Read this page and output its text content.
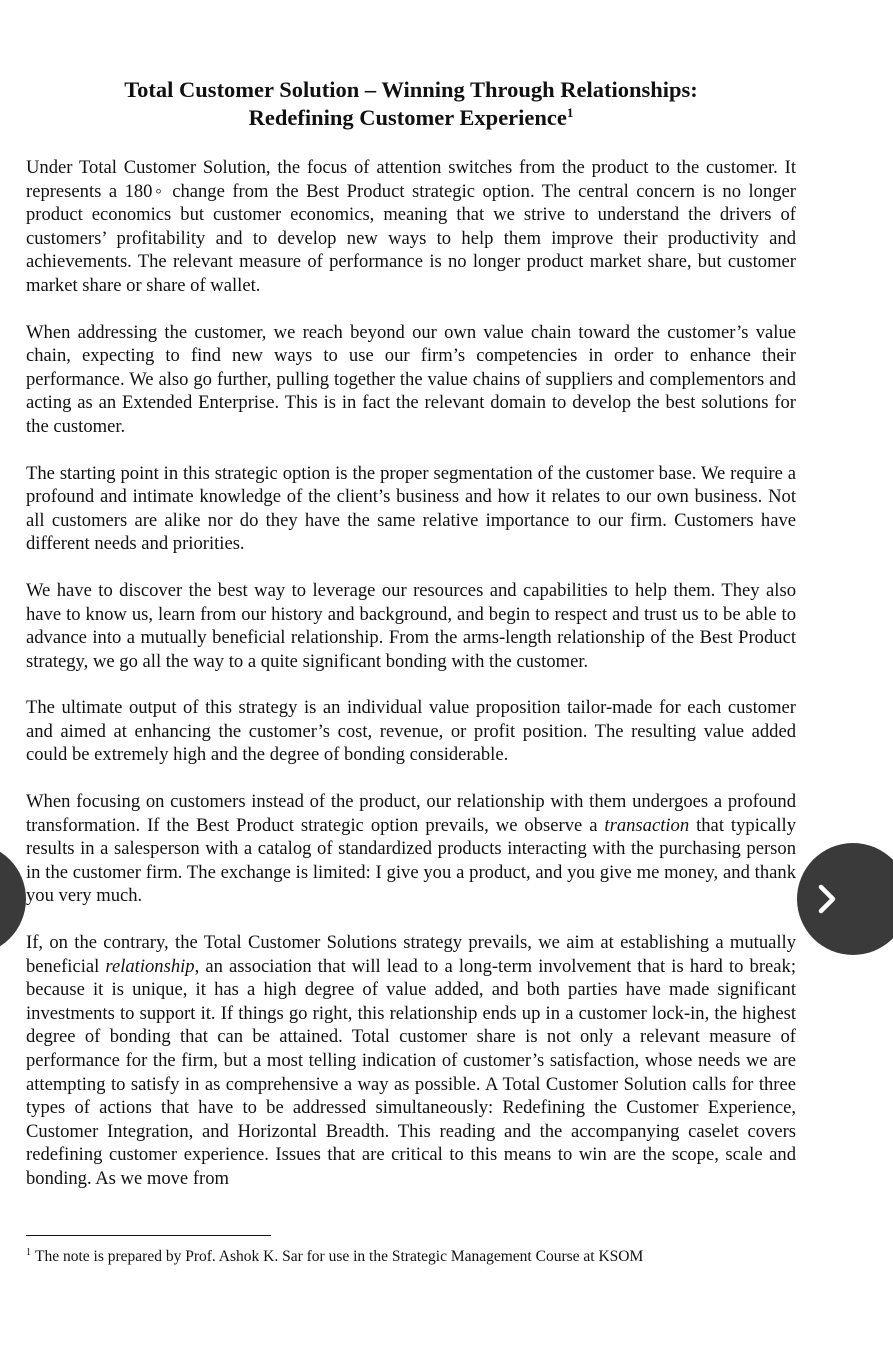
Total Customer Solution – Winning Through Relationships:
Redefining Customer Experience$^1$

Under Total Customer Solution, the focus of attention switches from the product to the customer. It represents a 180◦ change from the Best Product strategic option. The central concern is no longer product economics but customer economics, meaning that we strive to understand the drivers of customers’ profitability and to develop new ways to help them improve their productivity and achievements. The relevant measure of performance is no longer product market share, but customer market share or share of wallet.

When addressing the customer, we reach beyond our own value chain toward the customer’s value chain, expecting to find new ways to use our firm’s competencies in order to enhance their performance. We also go further, pulling together the value chains of suppliers and complementors and acting as an Extended Enterprise. This is in fact the relevant domain to develop the best solutions for the customer.

The starting point in this strategic option is the proper segmentation of the customer base. We require a profound and intimate knowledge of the client’s business and how it relates to our own business. Not all customers are alike nor do they have the same relative importance to our firm. Customers have different needs and priorities.

We have to discover the best way to leverage our resources and capabilities to help them. They also have to know us, learn from our history and background, and begin to respect and trust us to be able to advance into a mutually beneficial relationship. From the arms-length relationship of the Best Product strategy, we go all the way to a quite significant bonding with the customer.

The ultimate output of this strategy is an individual value proposition tailor-made for each customer and aimed at enhancing the customer’s cost, revenue, or profit position. The resulting value added could be extremely high and the degree of bonding considerable.

When focusing on customers instead of the product, our relationship with them undergoes a profound transformation. If the Best Product strategic option prevails, we observe a transaction that typically results in a salesperson with a catalog of standardized products interacting with the purchasing person in the customer firm. The exchange is limited: I give you a product, and you give me money, and thank you very much.

If, on the contrary, the Total Customer Solutions strategy prevails, we aim at establishing a mutually beneficial relationship, an association that will lead to a long-term involvement that is hard to break; because it is unique, it has a high degree of value added, and both parties have made significant investments to support it. If things go right, this relationship ends up in a customer lock-in, the highest degree of bonding that can be attained. Total customer share is not only a relevant measure of performance for the firm, but a most telling indication of customer’s satisfaction, whose needs we are attempting to satisfy in as comprehensive a way as possible. A Total Customer Solution calls for three types of actions that have to be addressed simultaneously: Redefining the Customer Experience, Customer Integration, and Horizontal Breadth. This reading and the accompanying caselet covers redefining customer experience. Issues that are critical to this means to win are the scope, scale and bonding. As we move from

$^1$ The note is prepared by Prof. Ashok K. Sar for use in the Strategic Management Course at KSOM
